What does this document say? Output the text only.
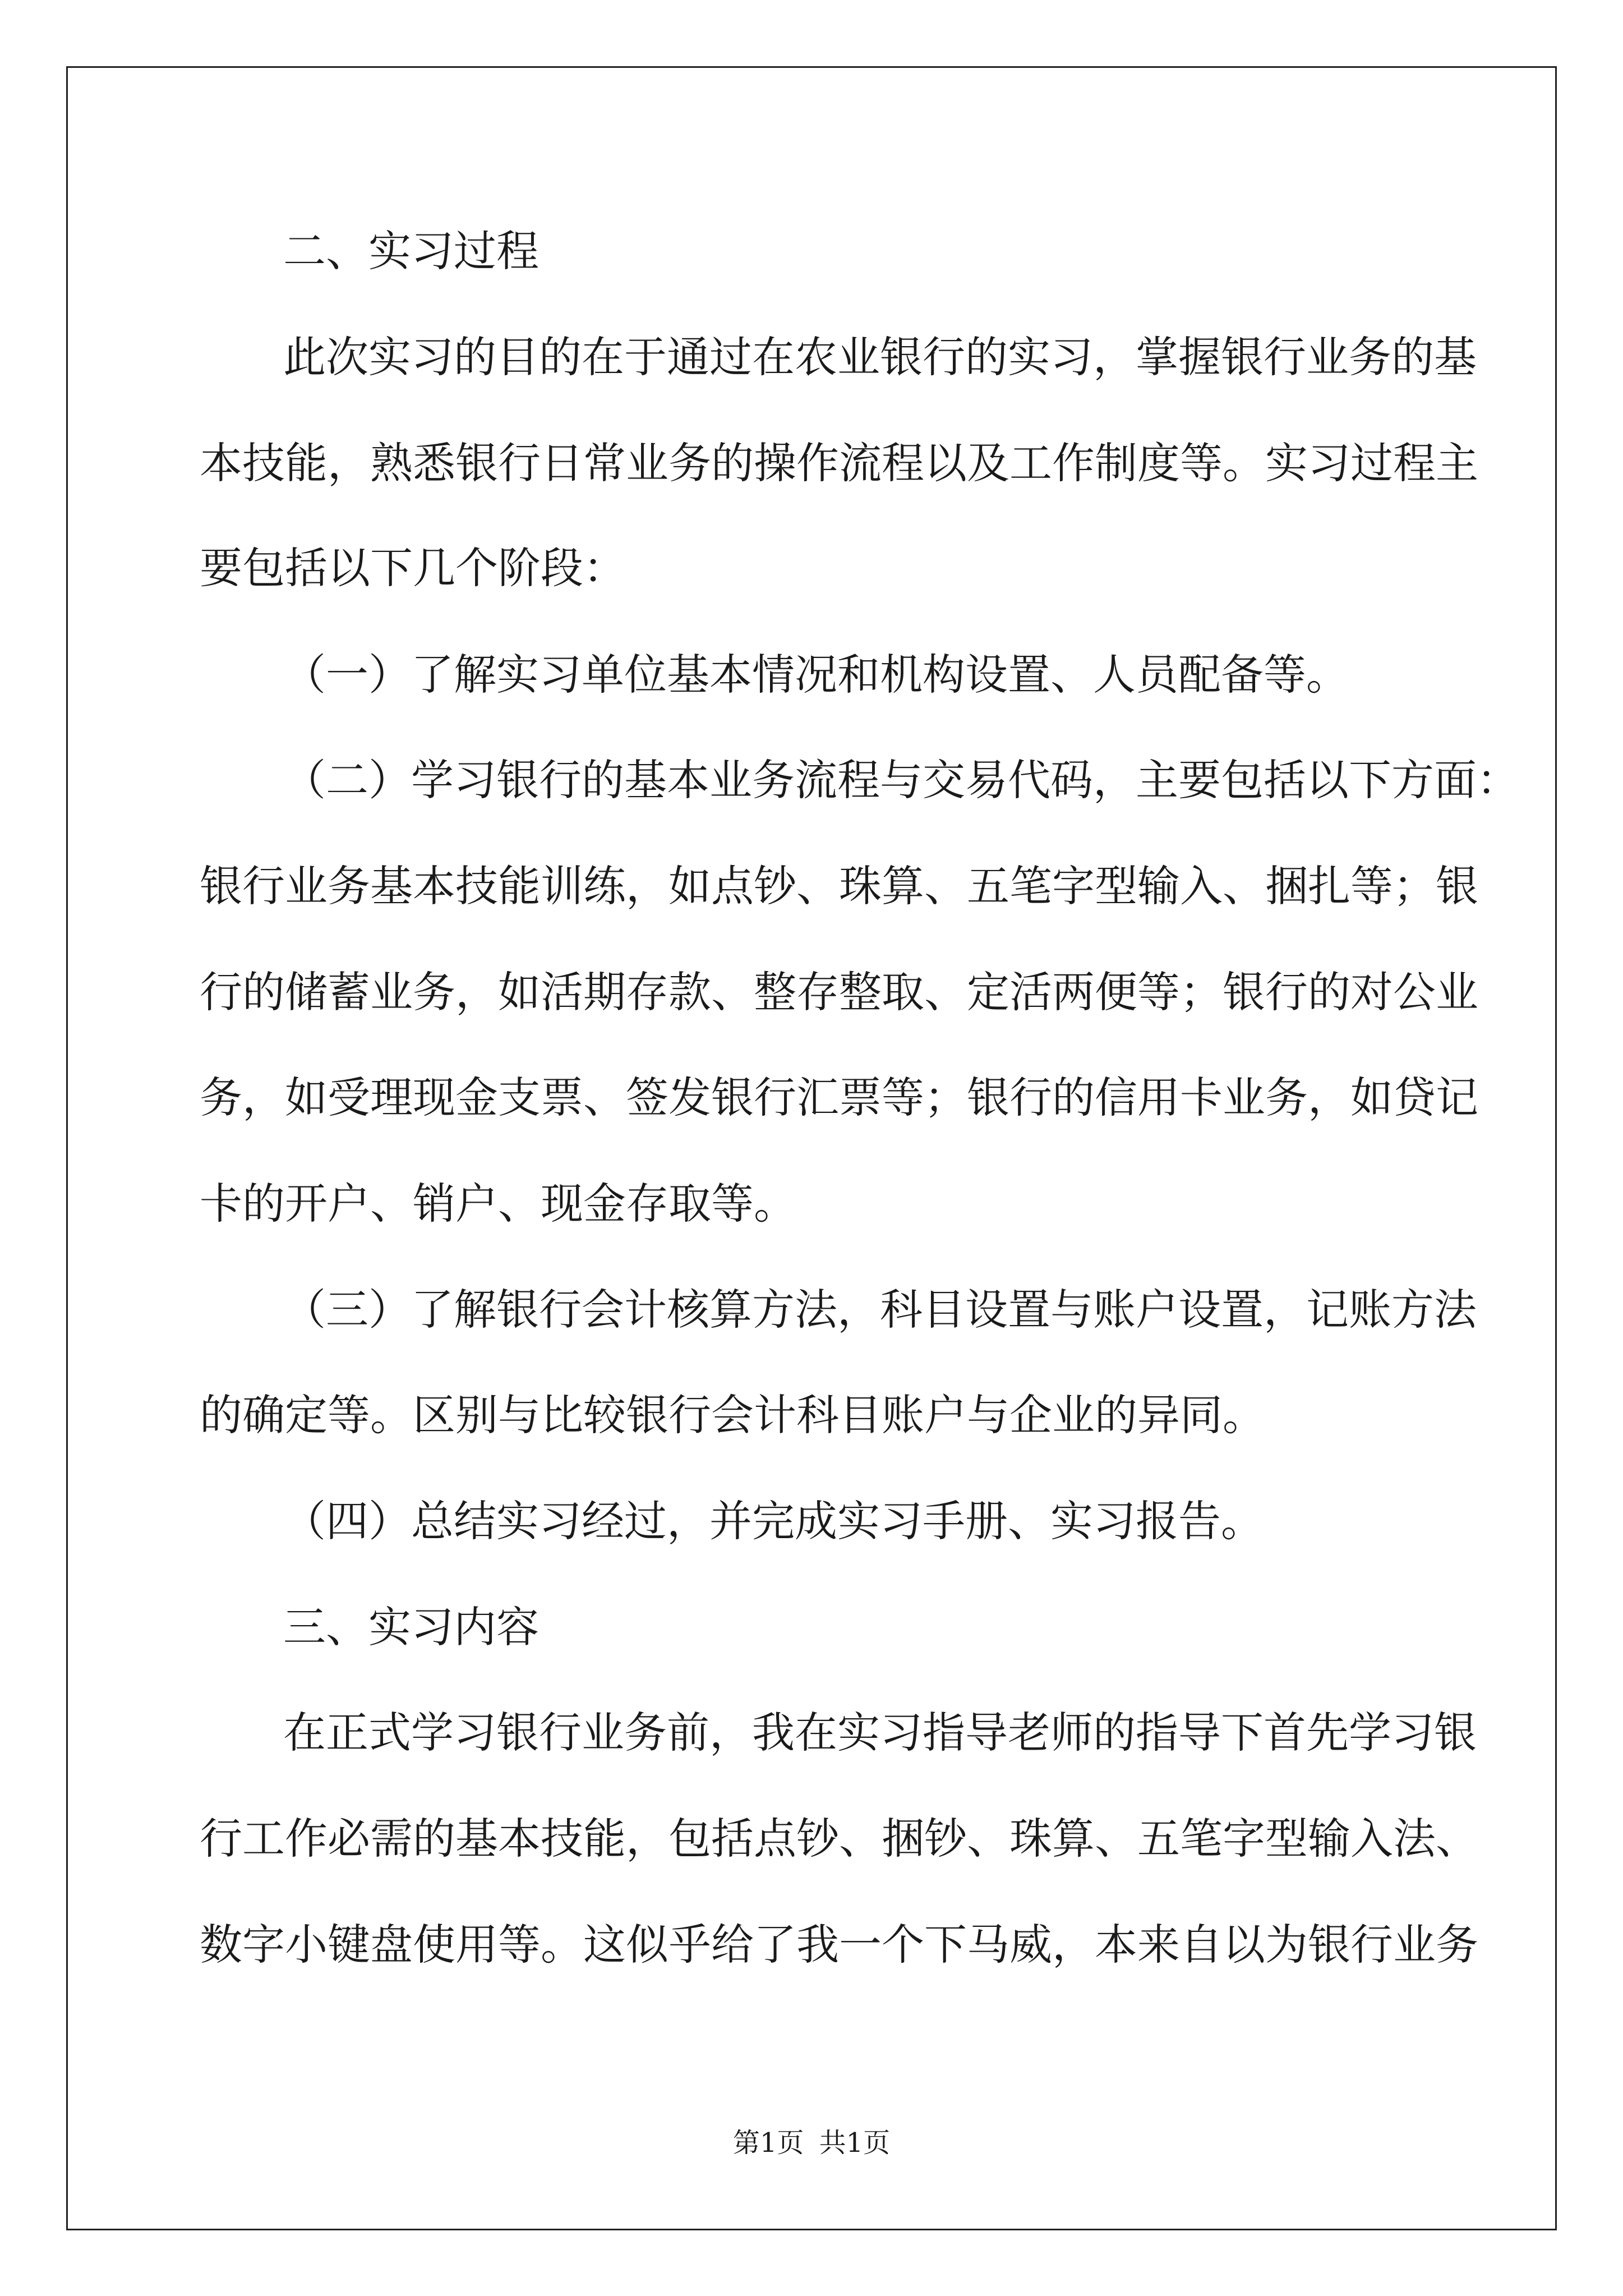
二、实习过程
此次实习的目的在于通过在农业银行的实习，掌握银行业务的基
本技能，熟悉银行日常业务的操作流程以及工作制度等。实习过程主
要包括以下几个阶段：
（一）了解实习单位基本情况和机构设置、人员配备等。
（二）学习银行的基本业务流程与交易代码，主要包括以下方面：
银行业务基本技能训练，如点钞、珠算、五笔字型输入、捆扎等；银
行的储蓄业务，如活期存款、整存整取、定活两便等；银行的对公业
务，如受理现金支票、签发银行汇票等；银行的信用卡业务，如贷记
卡的开户、销户、现金存取等。
（三）了解银行会计核算方法，科目设置与账户设置，记账方法
的确定等。区别与比较银行会计科目账户与企业的异同。
（四）总结实习经过，并完成实习手册、实习报告。
三、实习内容
在正式学习银行业务前，我在实习指导老师的指导下首先学习银
行工作必需的基本技能，包括点钞、捆钞、珠算、五笔字型输入法、
数字小键盘使用等。这似乎给了我一个下马威，本来自以为银行业务
第1页 共1页
